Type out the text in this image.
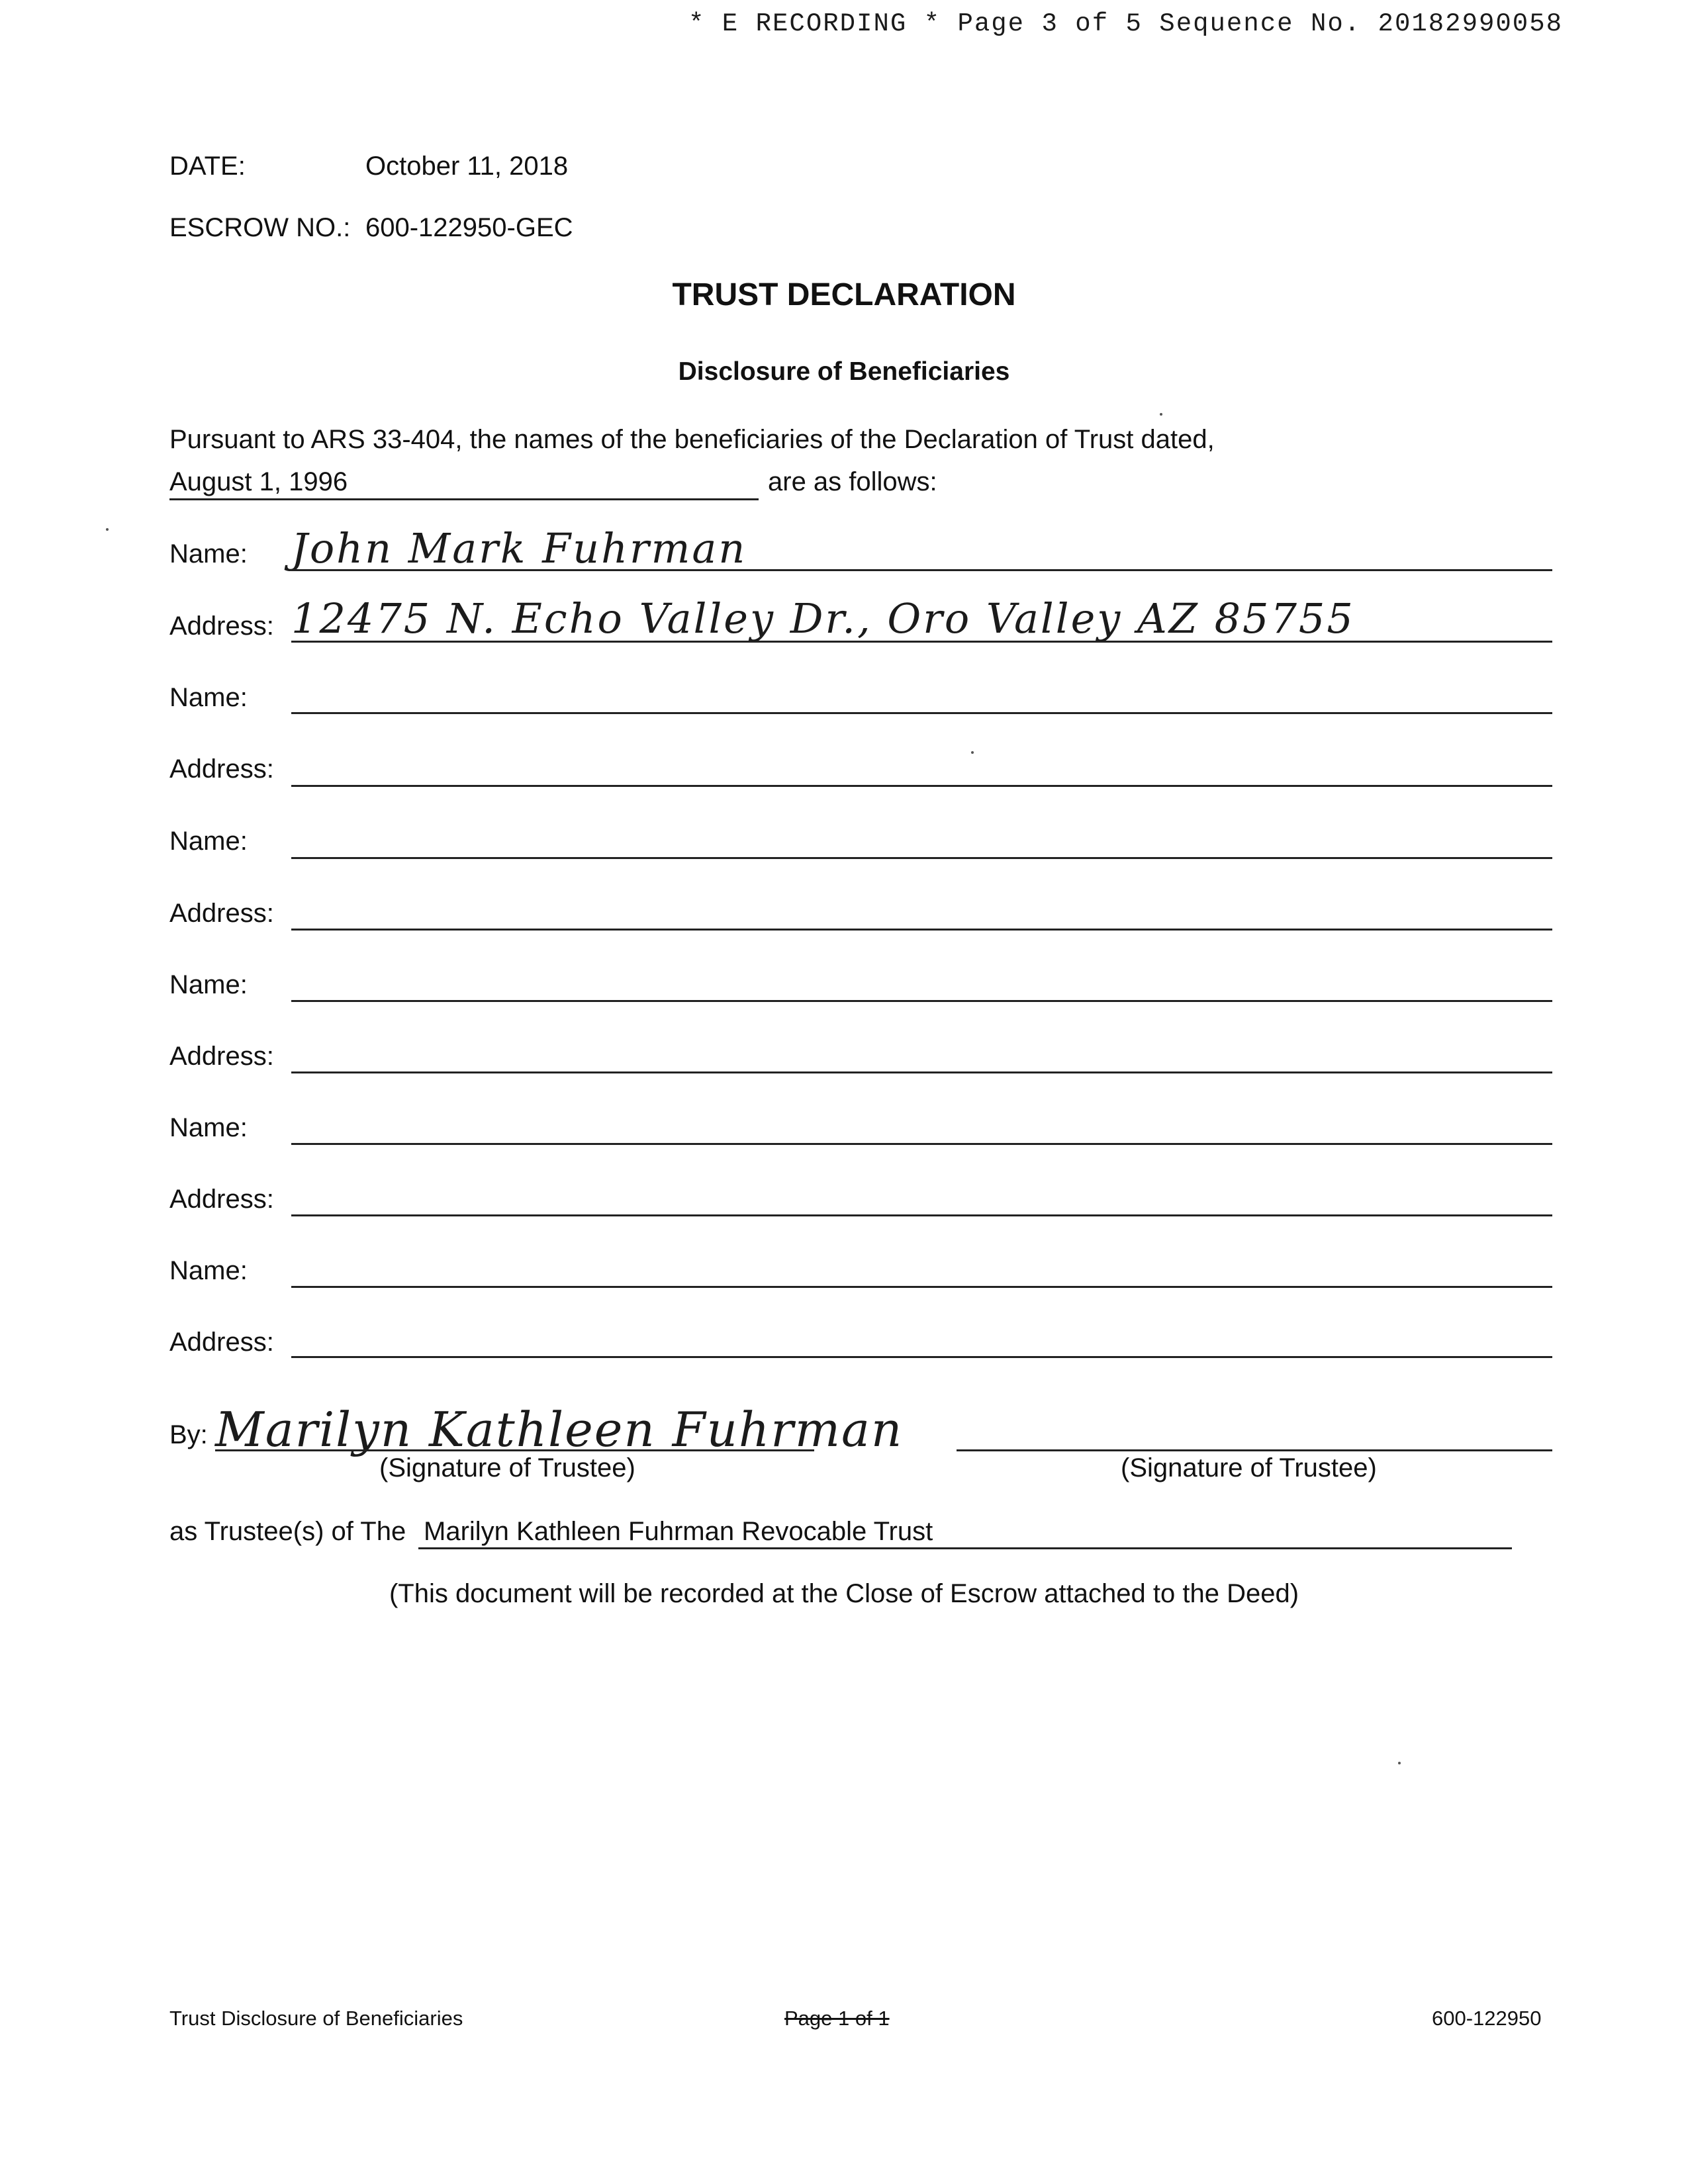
* E RECORDING * Page 3 of 5 Sequence No. 20182990058
DATE:	October 11, 2018
ESCROW NO.: 600-122950-GEC
TRUST DECLARATION
Disclosure of Beneficiaries
Pursuant to ARS 33-404, the names of the beneficiaries of the Declaration of Trust dated,
August 1, 1996	are as follows:
Name: John Mark Fuhrman
Address: 12475 N. Echo Valley Dr., Oro Valley AZ 85755
Name:
Address:
Name:
Address:
Name:
Address:
Name:
Address:
Name:
Address:
By: Marilyn Kathleen Fuhrman
(Signature of Trustee)	(Signature of Trustee)
as Trustee(s) of The Marilyn Kathleen Fuhrman Revocable Trust
(This document will be recorded at the Close of Escrow attached to the Deed)
Trust Disclosure of Beneficiaries	Page 1 of 1	600-122950
